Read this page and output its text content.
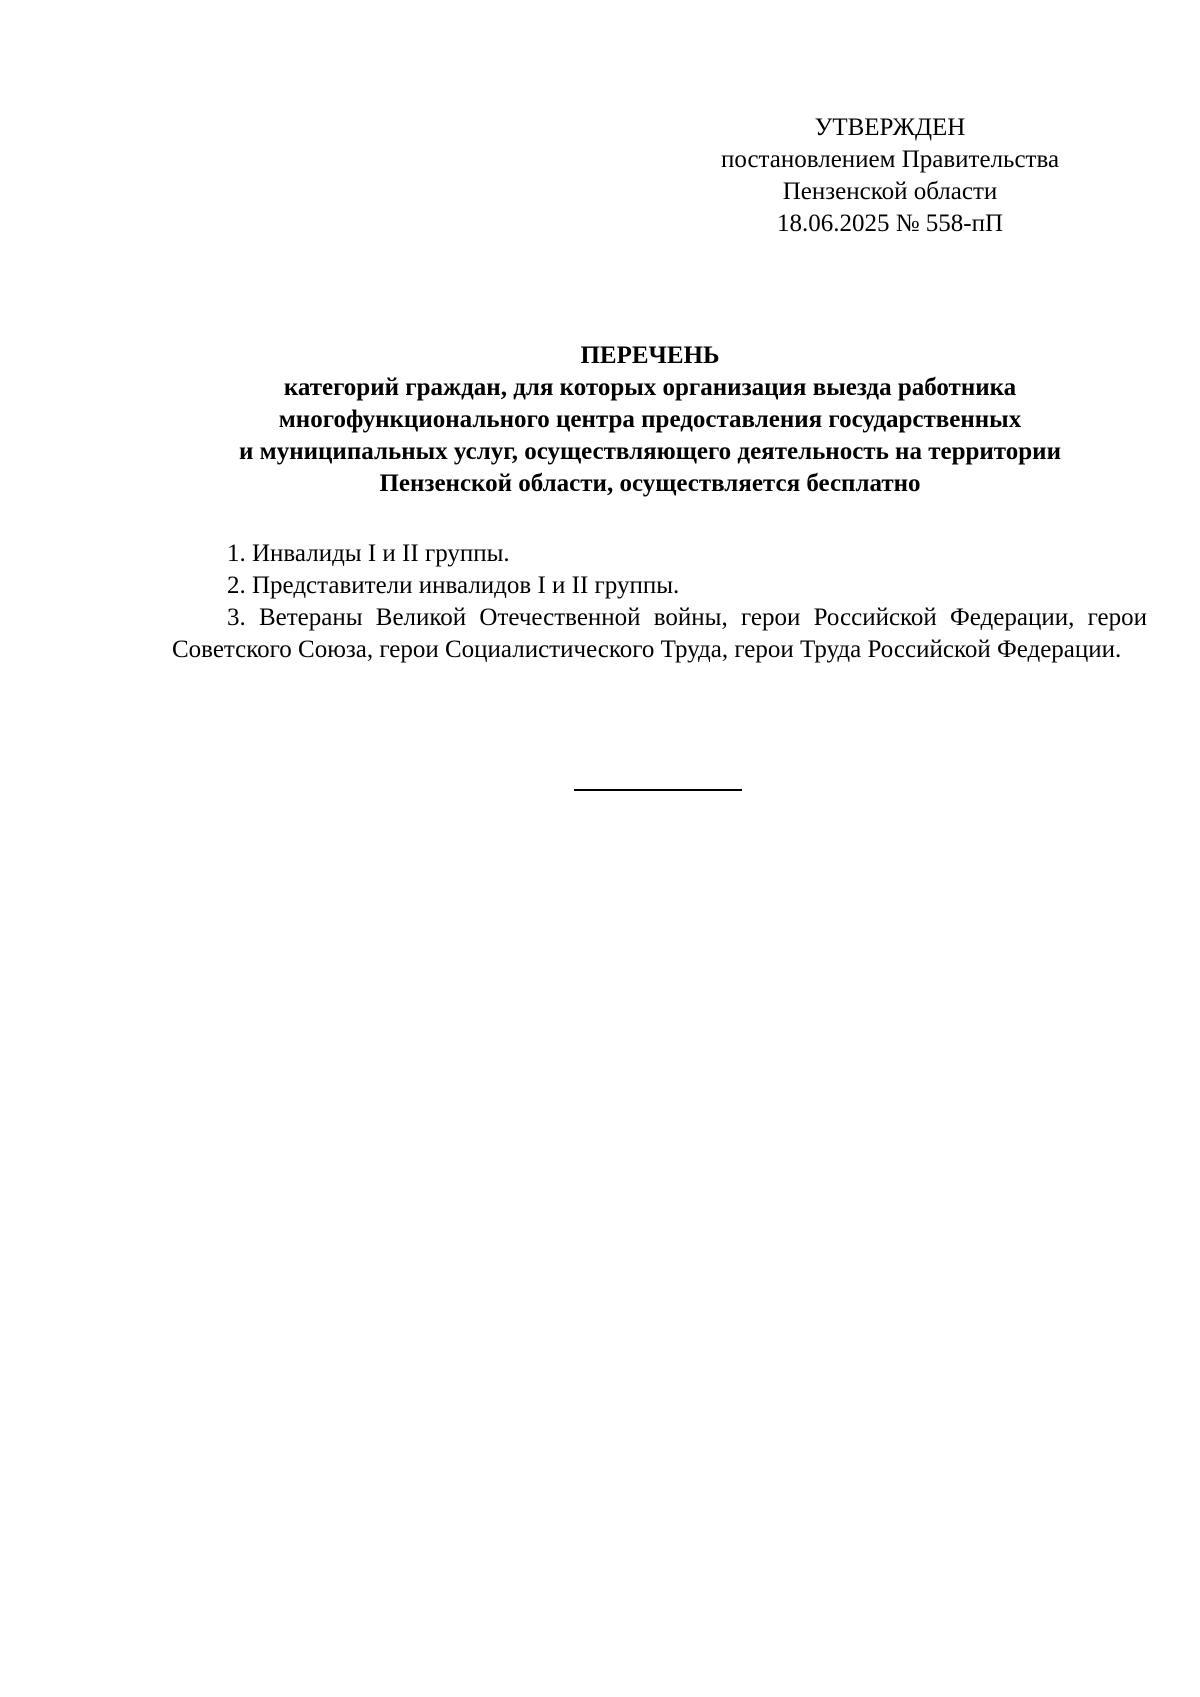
УТВЕРЖДЕН
постановлением Правительства
Пензенской области
18.06.2025 № 558-пП
ПЕРЕЧЕНЬ
категорий граждан, для которых организация выезда работника
многофункционального центра предоставления государственных
и муниципальных услуг, осуществляющего деятельность на территории
Пензенской области, осуществляется бесплатно

1. Инвалиды I и II группы.

2. Представители инвалидов I и II группы.

3. Ветераны Великой Отечественной войны, герои Российской Федерации, герои Советского Союза, герои Социалистического Труда, герои Труда Российской Федерации.
